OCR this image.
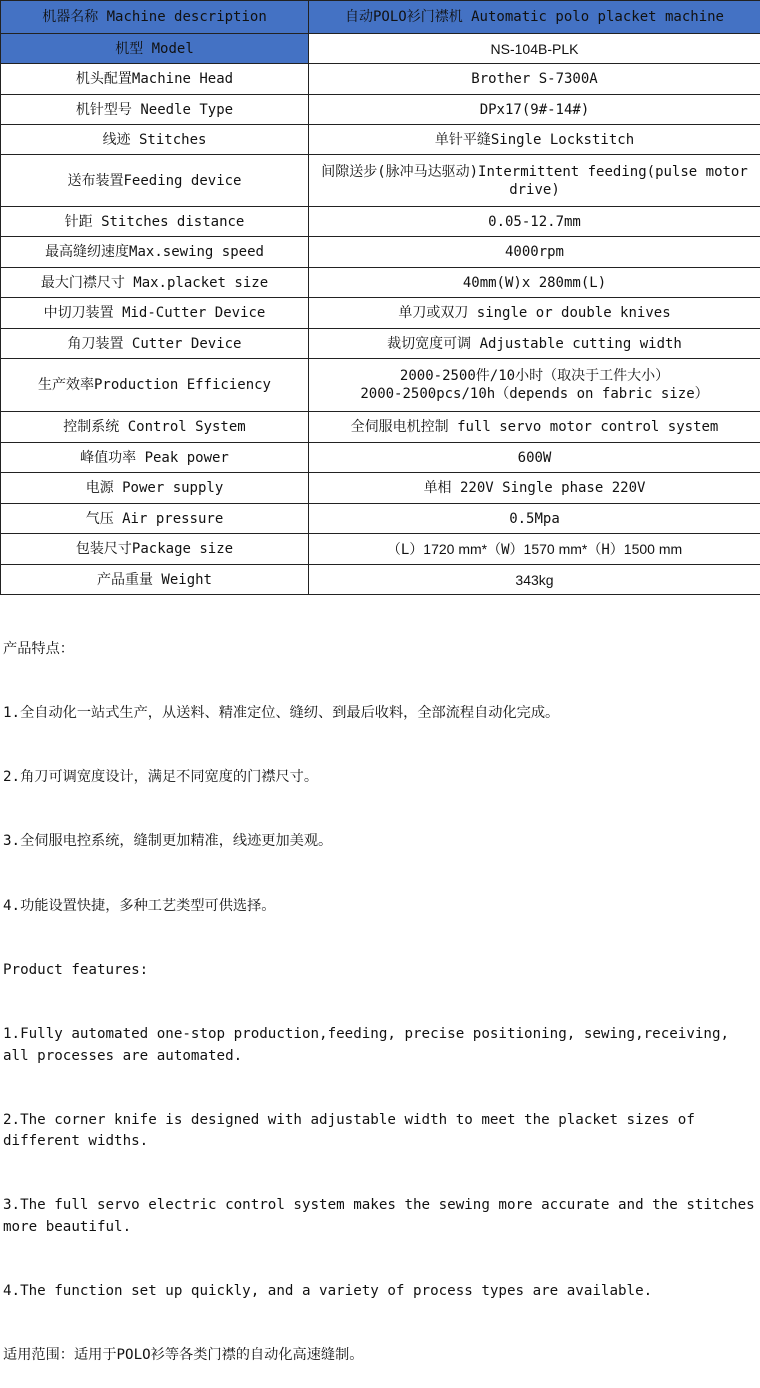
机器名称 Machine description	自动POLO衫门襟机 Automatic polo placket machine
机型 Model	NS-104B-PLK
机头配置Machine Head	Brother S-7300A
机针型号 Needle Type	DPx17(9#-14#)
线迹 Stitches	单针平缝Single Lockstitch
送布装置Feeding device	间隙送步(脉冲马达驱动)Intermittent feeding(pulse motor drive)
针距 Stitches distance	0.05-12.7mm
最高缝纫速度Max.sewing speed	4000rpm
最大门襟尺寸 Max.placket size	40mm(W)x 280mm(L)
中切刀装置 Mid-Cutter Device	单刀或双刀 single or double knives
角刀装置 Cutter Device	裁切宽度可调 Adjustable cutting width
生产效率Production Efficiency	2000-2500件/10小时（取决于工件大小）
2000-2500pcs/10h（depends on fabric size）

控制系统 Control System	全伺服电机控制 full servo motor control system
峰值功率 Peak power	600W
电源 Power supply	单相 220V Single phase 220V
气压 Air pressure	0.5Mpa
包装尺寸Package size	（L）1720 mm*（W）1570 mm*（H）1500 mm
产品重量 Weight	343kg

产品特点：

1.全自动化一站式生产，从送料、精准定位、缝纫、到最后收料，全部流程自动化完成。

2.角刀可调宽度设计，满足不同宽度的门襟尺寸。

3.全伺服电控系统，缝制更加精准，线迹更加美观。

4.功能设置快捷，多种工艺类型可供选择。

Product features:

1.Fully automated one-stop production,feeding, precise positioning, sewing,receiving,
all processes are automated.

2.The corner knife is designed with adjustable width to meet the placket sizes of
different widths.

3.The full servo electric control system makes the sewing more accurate and the stitches
more beautiful.

4.The function set up quickly, and a variety of process types are available.

适用范围：适用于POLO衫等各类门襟的自动化高速缝制。
